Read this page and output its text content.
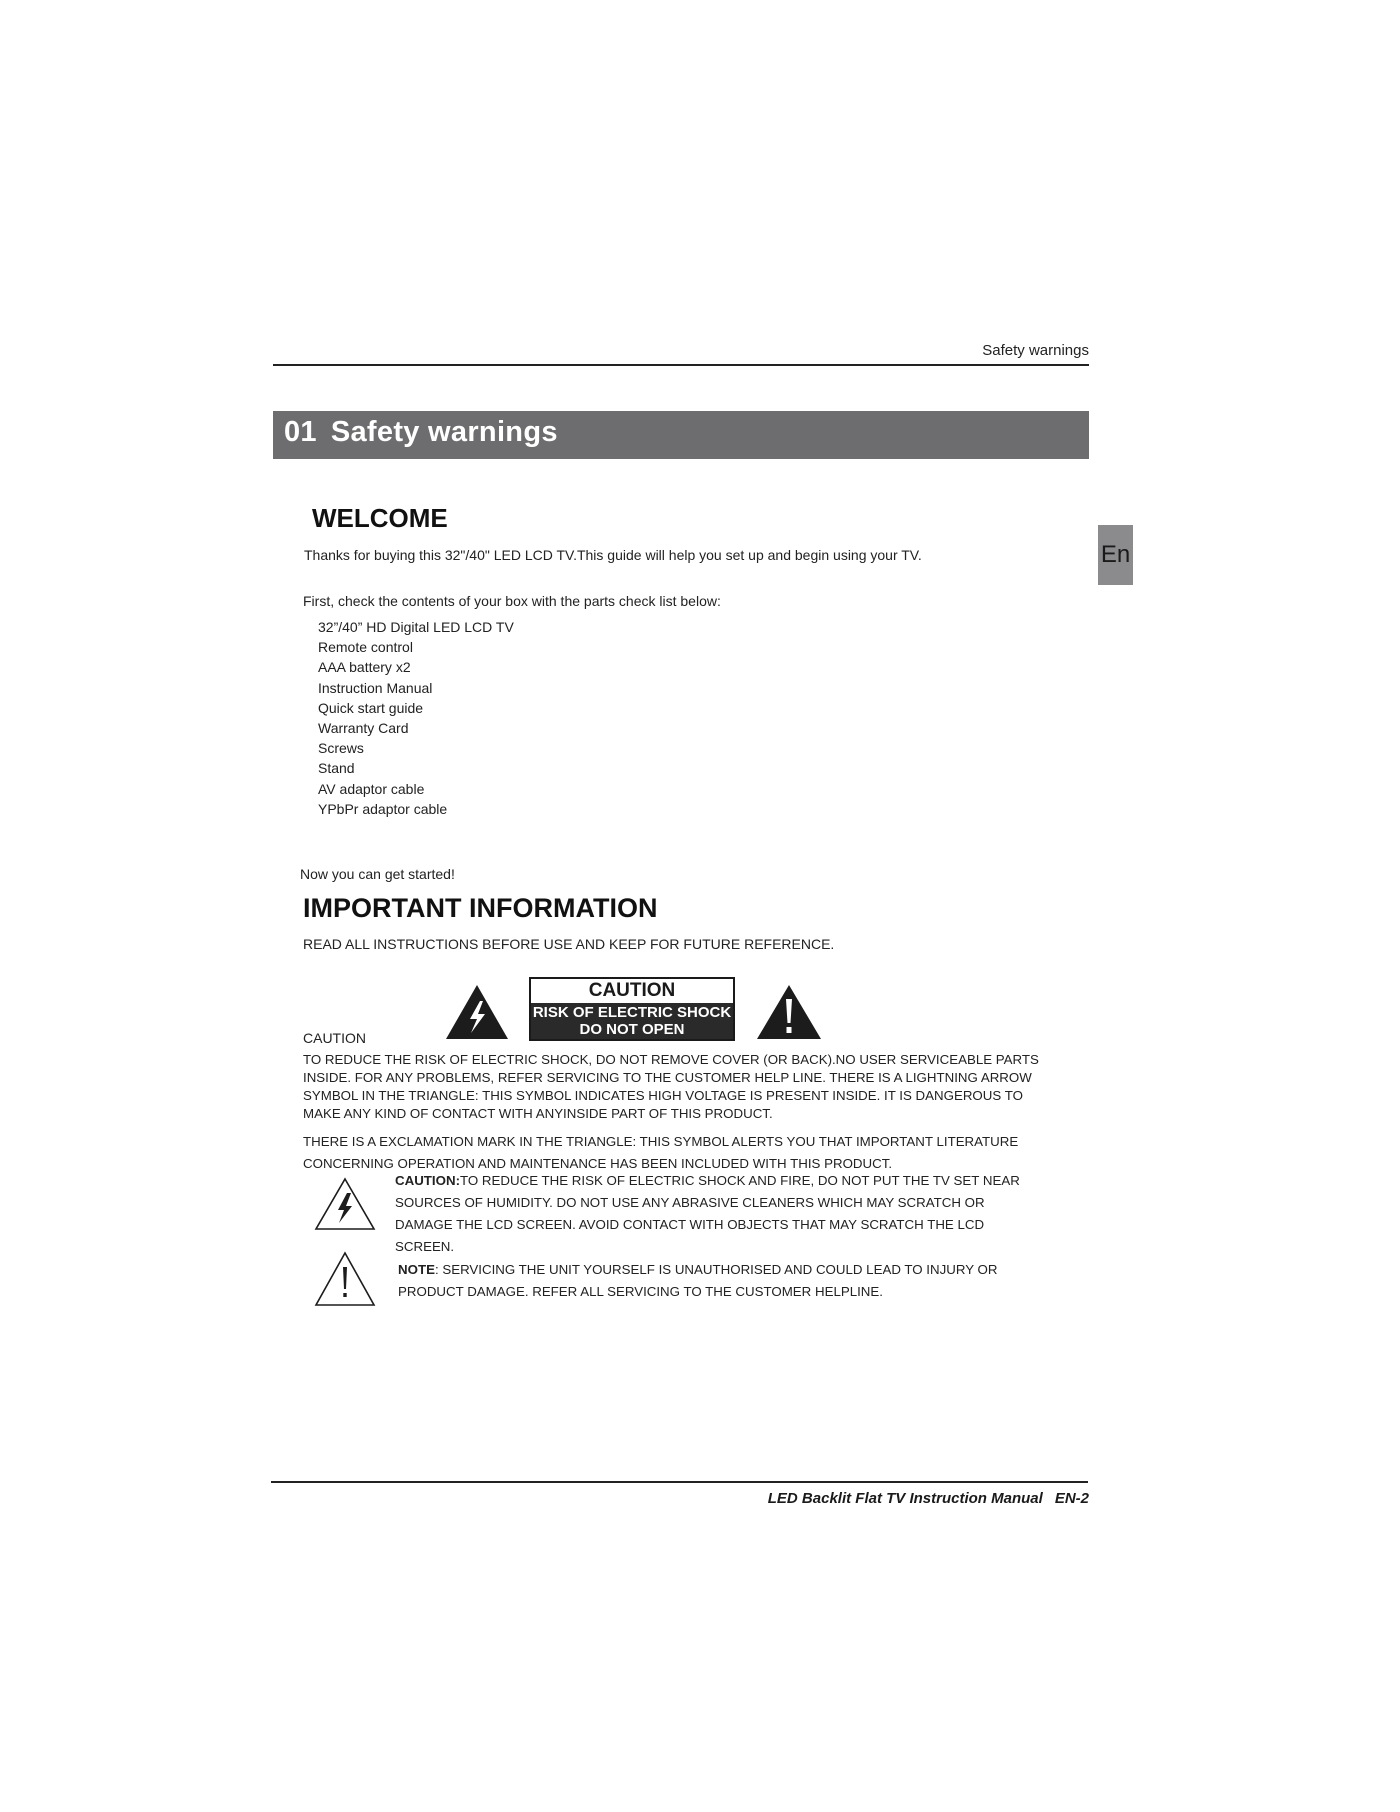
Safety warnings
01 Safety warnings
En
WELCOME
Thanks for buying this 32"/40" LED LCD TV.This guide will help you set up and begin using your TV.
First, check the contents of your box with the parts check list below:
32”/40” HD Digital LED LCD TV
Remote control
AAA battery x2
Instruction Manual
Quick start guide
Warranty Card
Screws
Stand
AV adaptor cable
YPbPr adaptor cable
Now you can get started!
IMPORTANT INFORMATION
READ ALL INSTRUCTIONS BEFORE USE AND KEEP FOR FUTURE REFERENCE.
CAUTION
RISK OF ELECTRIC SHOCK
DO NOT OPEN
CAUTION
TO REDUCE THE RISK OF ELECTRIC SHOCK, DO NOT REMOVE COVER (OR BACK).NO USER SERVICEABLE PARTS INSIDE. FOR ANY PROBLEMS, REFER SERVICING TO THE CUSTOMER HELP LINE. THERE IS A LIGHTNING ARROW SYMBOL IN THE TRIANGLE: THIS SYMBOL INDICATES HIGH VOLTAGE IS PRESENT INSIDE. IT IS DANGEROUS TO MAKE ANY KIND OF CONTACT WITH ANYINSIDE PART OF THIS PRODUCT.
THERE IS A EXCLAMATION MARK IN THE TRIANGLE: THIS SYMBOL ALERTS YOU THAT IMPORTANT LITERATURE CONCERNING OPERATION AND MAINTENANCE HAS BEEN INCLUDED WITH THIS PRODUCT.
CAUTION:TO REDUCE THE RISK OF ELECTRIC SHOCK AND FIRE, DO NOT PUT THE TV SET NEAR SOURCES OF HUMIDITY. DO NOT USE ANY ABRASIVE CLEANERS WHICH MAY SCRATCH OR DAMAGE THE LCD SCREEN. AVOID CONTACT WITH OBJECTS THAT MAY SCRATCH THE LCD SCREEN.
NOTE: SERVICING THE UNIT YOURSELF IS UNAUTHORISED AND COULD LEAD TO INJURY OR PRODUCT DAMAGE. REFER ALL SERVICING TO THE CUSTOMER HELPLINE.
LED Backlit Flat TV Instruction Manual EN-2
